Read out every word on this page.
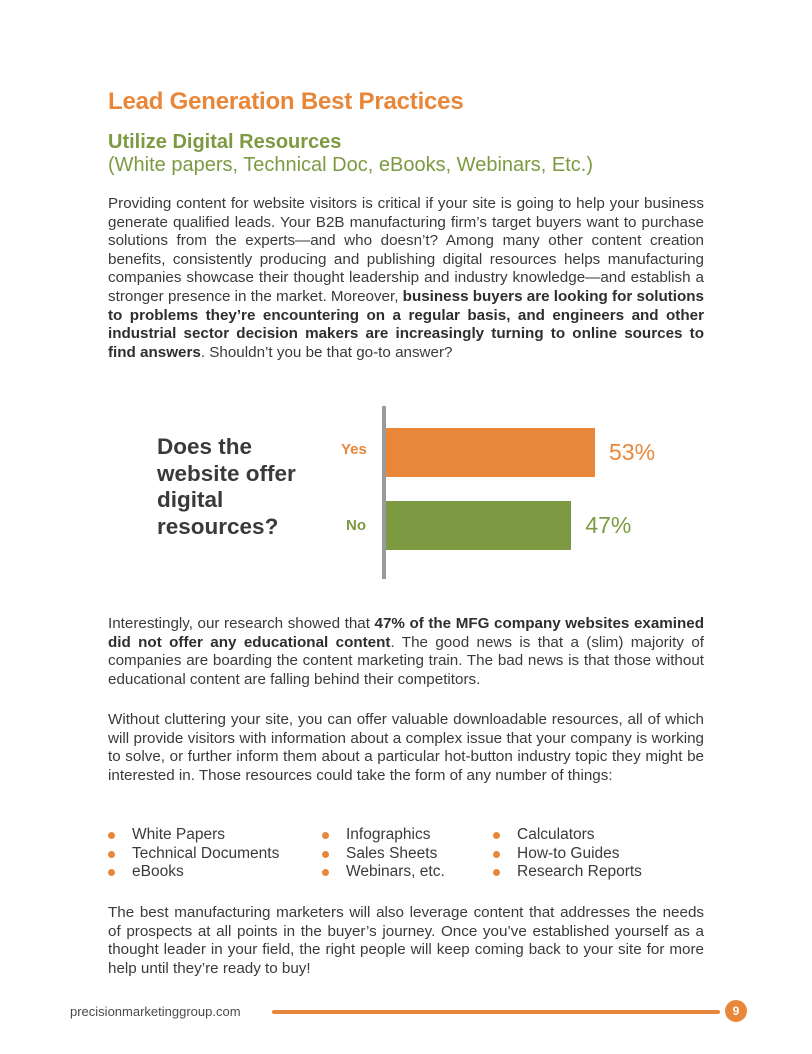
Lead Generation Best Practices
Utilize Digital Resources
(White papers, Technical Doc, eBooks, Webinars, Etc.)

Providing content for website visitors is critical if your site is going to help your business generate qualified leads. Your B2B manufacturing firm’s target buyers want to purchase solutions from the experts—and who doesn’t? Among many other content creation benefits, consistently producing and publishing digital resources helps manufacturing companies showcase their thought leadership and industry knowledge—and establish a stronger presence in the market. Moreover, business buyers are looking for solutions to problems they’re encountering on a regular basis, and engineers and other industrial sector decision makers are increasingly turning to online sources to find answers. Shouldn’t you be that go-to answer?

Does the website offer digital resources?
Yes
No
53%
47%

Interestingly, our research showed that 47% of the MFG company websites examined did not offer any educational content. The good news is that a (slim) majority of companies are boarding the content marketing train. The bad news is that those without educational content are falling behind their competitors.

Without cluttering your site, you can offer valuable downloadable resources, all of which will provide visitors with information about a complex issue that your company is working to solve, or further inform them about a particular hot-button industry topic they might be interested in. Those resources could take the form of any number of things:

White Papers
Technical Documents
eBooks
Infographics
Sales Sheets
Webinars, etc.
Calculators
How-to Guides
Research Reports

The best manufacturing marketers will also leverage content that addresses the needs of prospects at all points in the buyer’s journey. Once you’ve established yourself as a thought leader in your field, the right people will keep coming back to your site for more help until they’re ready to buy!

precisionmarketinggroup.com	9
